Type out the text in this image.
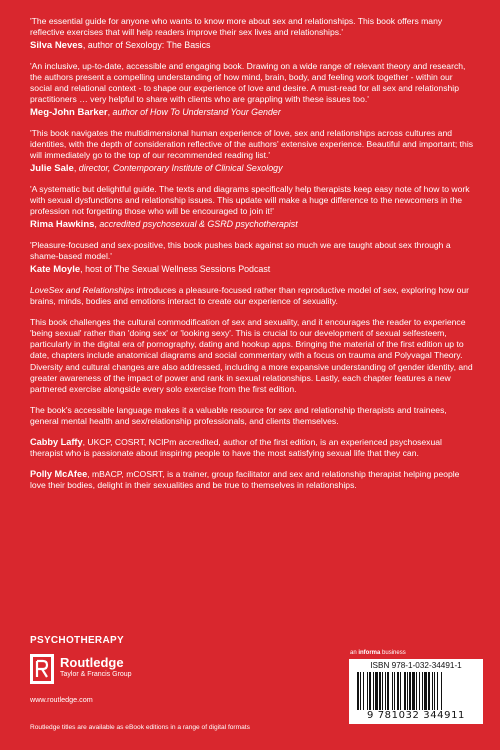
'The essential guide for anyone who wants to know more about sex and relationships. This book offers many reflective exercises that will help readers improve their sex lives and relationships.'

Silva Neves, author of Sexology: The Basics

'An inclusive, up-to-date, accessible and engaging book. Drawing on a wide range of relevant theory and research, the authors present a compelling understanding of how mind, brain, body, and feeling work together - within our social and relational context - to shape our experience of love and desire. A must-read for all sex and relationship practitioners … very helpful to share with clients who are grappling with these issues too.'

Meg-John Barker, author of How To Understand Your Gender

'This book navigates the multidimensional human experience of love, sex and relationships across cultures and identities, with the depth of consideration reflective of the authors' extensive experience. Beautiful and important; this will immediately go to the top of our recommended reading list.'

Julie Sale, director, Contemporary Institute of Clinical Sexology

'A systematic but delightful guide. The texts and diagrams specifically help therapists keep easy note of how to work with sexual dysfunctions and relationship issues. This update will make a huge difference to the newcomers in the profession not forgetting those who will be encouraged to join it!'

Rima Hawkins, accredited psychosexual & GSRD psychotherapist

'Pleasure-focused and sex-positive, this book pushes back against so much we are taught about sex through a shame-based model.'

Kate Moyle, host of The Sexual Wellness Sessions Podcast

LoveSex and Relationships introduces a pleasure-focused rather than reproductive model of sex, exploring how our brains, minds, bodies and emotions interact to create our experience of sexuality.

This book challenges the cultural commodification of sex and sexuality, and it encourages the reader to experience 'being sexual' rather than 'doing sex' or 'looking sexy'. This is crucial to our development of sexual selfesteem, particularly in the digital era of pornography, dating and hookup apps. Bringing the material of the first edition up to date, chapters include anatomical diagrams and social commentary with a focus on trauma and Polyvagal Theory. Diversity and cultural changes are also addressed, including a more expansive understanding of gender identity, and greater awareness of the impact of power and rank in sexual relationships. Lastly, each chapter features a new partnered exercise alongside every solo exercise from the first edition.

The book's accessible language makes it a valuable resource for sex and relationship therapists and trainees, general mental health and sex/relationship professionals, and clients themselves.

Cabby Laffy, UKCP, COSRT, NCIPm accredited, author of the first edition, is an experienced psychosexual therapist who is passionate about inspiring people to have the most satisfying sexual life that they can.

Polly McAfee, mBACP, mCOSRT, is a trainer, group facilitator and sex and relationship therapist helping people love their bodies, delight in their sexualities and be true to themselves in relationships.

PSYCHOTHERAPY
Routledge
Taylor & Francis Group
www.routledge.com
Routledge titles are available as eBook editions in a range of digital formats
an informa business
ISBN 978-1-032-34491-1
9 781032 344911
